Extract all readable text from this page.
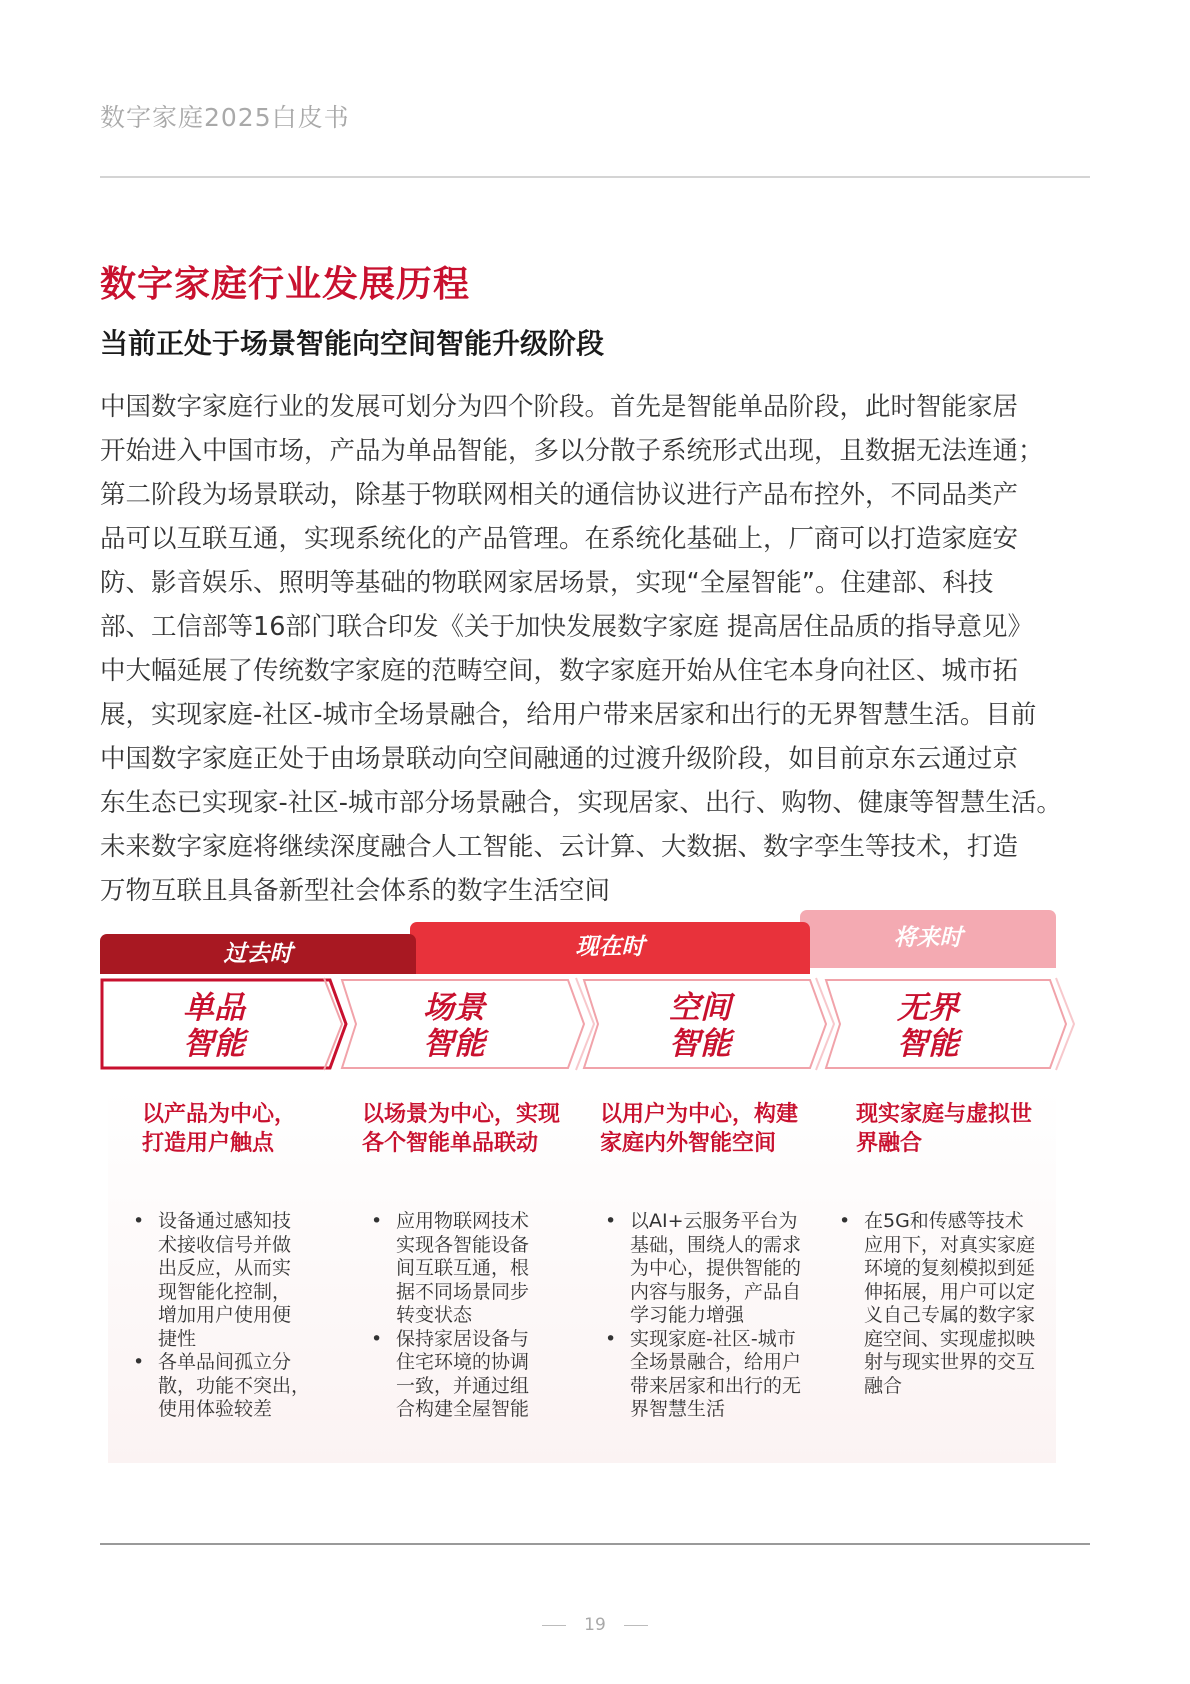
数字家庭2025白皮书
数字家庭行业发展历程
当前正处于场景智能向空间智能升级阶段
中国数字家庭行业的发展可划分为四个阶段。首先是智能单品阶段，此时智能家居
开始进入中国市场，产品为单品智能，多以分散子系统形式出现，且数据无法连通；
第二阶段为场景联动，除基于物联网相关的通信协议进行产品布控外，不同品类产
品可以互联互通，实现系统化的产品管理。在系统化基础上，厂商可以打造家庭安
防、影音娱乐、照明等基础的物联网家居场景，实现“全屋智能”。住建部、科技
部、工信部等16部门联合印发《关于加快发展数字家庭 提高居住品质的指导意见》
中大幅延展了传统数字家庭的范畴空间，数字家庭开始从住宅本身向社区、城市拓
展，实现家庭-社区-城市全场景融合，给用户带来居家和出行的无界智慧生活。目前
中国数字家庭正处于由场景联动向空间融通的过渡升级阶段，如目前京东云通过京
东生态已实现家-社区-城市部分场景融合，实现居家、出行、购物、健康等智慧生活。
未来数字家庭将继续深度融合人工智能、云计算、大数据、数字孪生等技术，打造
万物互联且具备新型社会体系的数字生活空间
将来时
现在时
过去时
单品
智能
场景
智能
空间
智能
无界
智能
以产品为中心，
打造用户触点
以场景为中心，实现
各个智能单品联动
以用户为中心，构建
家庭内外智能空间
现实家庭与虚拟世
界融合
• 设备通过感知技
术接收信号并做
出反应，从而实
现智能化控制，
增加用户使用便
捷性
• 各单品间孤立分
散，功能不突出，
使用体验较差
• 应用物联网技术
实现各智能设备
间互联互通，根
据不同场景同步
转变状态
• 保持家居设备与
住宅环境的协调
一致，并通过组
合构建全屋智能
• 以AI+云服务平台为
基础，围绕人的需求
为中心，提供智能的
内容与服务，产品自
学习能力增强
• 实现家庭-社区-城市
全场景融合，给用户
带来居家和出行的无
界智慧生活
• 在5G和传感等技术
应用下，对真实家庭
环境的复刻模拟到延
伸拓展，用户可以定
义自己专属的数字家
庭空间、实现虚拟映
射与现实世界的交互
融合
19
